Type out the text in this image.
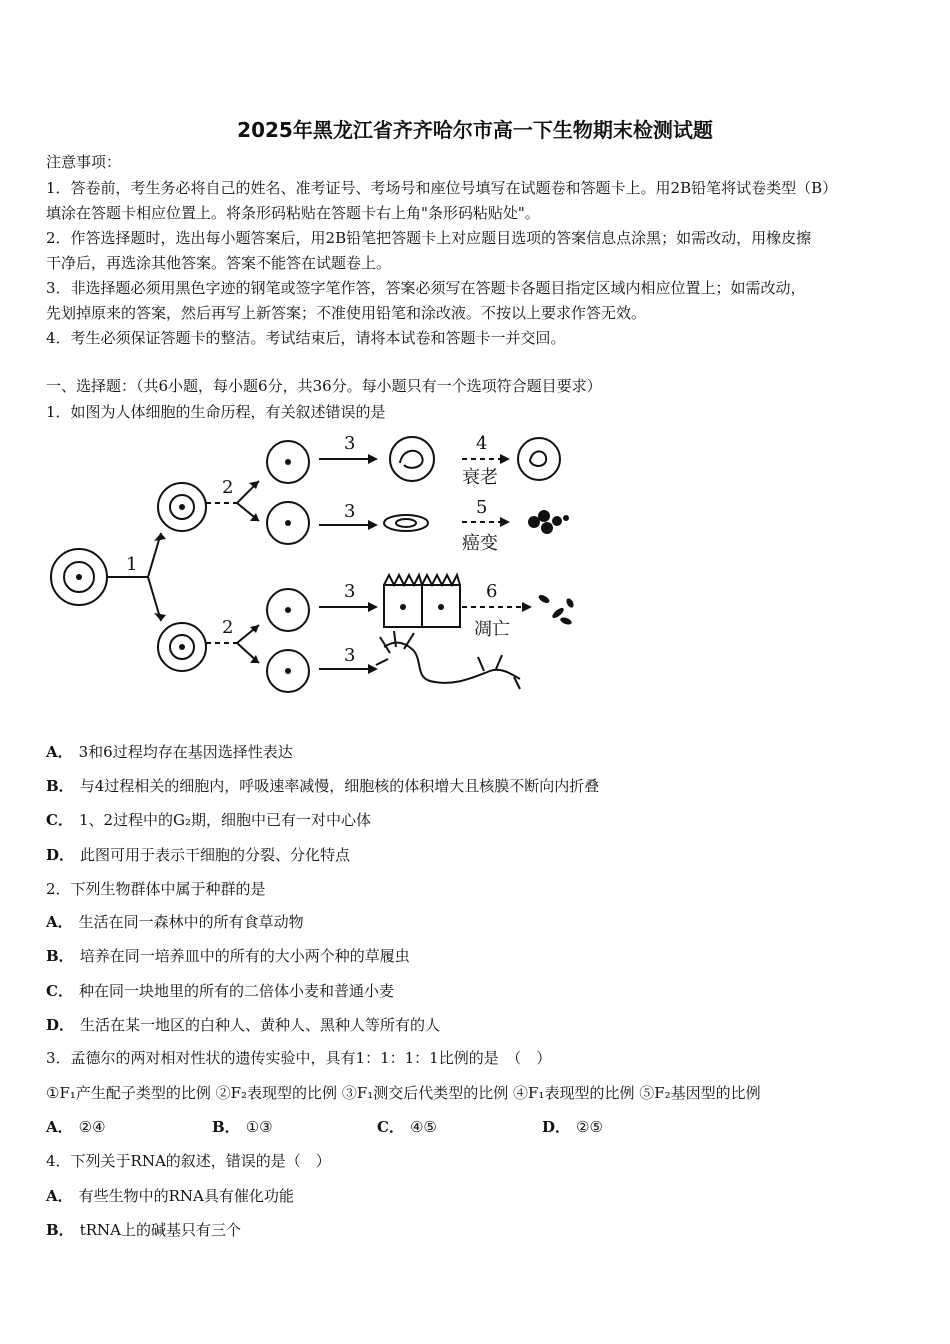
2025年黑龙江省齐齐哈尔市高一下生物期末检测试题
注意事项：
1．答卷前，考生务必将自己的姓名、准考证号、考场号和座位号填写在试题卷和答题卡上。用2B铅笔将试卷类型（B）
填涂在答题卡相应位置上。将条形码粘贴在答题卡右上角"条形码粘贴处"。
2．作答选择题时，选出每小题答案后，用2B铅笔把答题卡上对应题目选项的答案信息点涂黑；如需改动，用橡皮擦
干净后，再选涂其他答案。答案不能答在试题卷上。
3．非选择题必须用黑色字迹的钢笔或签字笔作答，答案必须写在答题卡各题目指定区域内相应位置上；如需改动，
先划掉原来的答案，然后再写上新答案；不准使用铅笔和涂改液。不按以上要求作答无效。
4．考生必须保证答题卡的整洁。考试结束后，请将本试卷和答题卡一并交回。
一、选择题：（共6小题，每小题6分，共36分。每小题只有一个选项符合题目要求）
1．如图为人体细胞的生命历程，有关叙述错误的是
1
2
2
3
3
3
3
4
5
6
衰老
癌变
凋亡
A． 3和6过程均存在基因选择性表达
B． 与4过程相关的细胞内，呼吸速率减慢，细胞核的体积增大且核膜不断向内折叠
C． 1、2过程中的G₂期，细胞中已有一对中心体
D． 此图可用于表示干细胞的分裂、分化特点
2．下列生物群体中属于种群的是
A． 生活在同一森林中的所有食草动物
B． 培养在同一培养皿中的所有的大小两个种的草履虫
C． 种在同一块地里的所有的二倍体小麦和普通小麦
D． 生活在某一地区的白种人、黄种人、黑种人等所有的人
3．孟德尔的两对相对性状的遗传实验中，具有1：1：1：1比例的是　（　）
①F₁产生配子类型的比例 ②F₂表现型的比例 ③F₁测交后代类型的比例 ④F₁表现型的比例 ⑤F₂基因型的比例
A． ②④	B． ①③	C． ④⑤	D． ②⑤
4．下列关于RNA的叙述，错误的是（　）
A． 有些生物中的RNA具有催化功能
B． tRNA上的碱基只有三个
